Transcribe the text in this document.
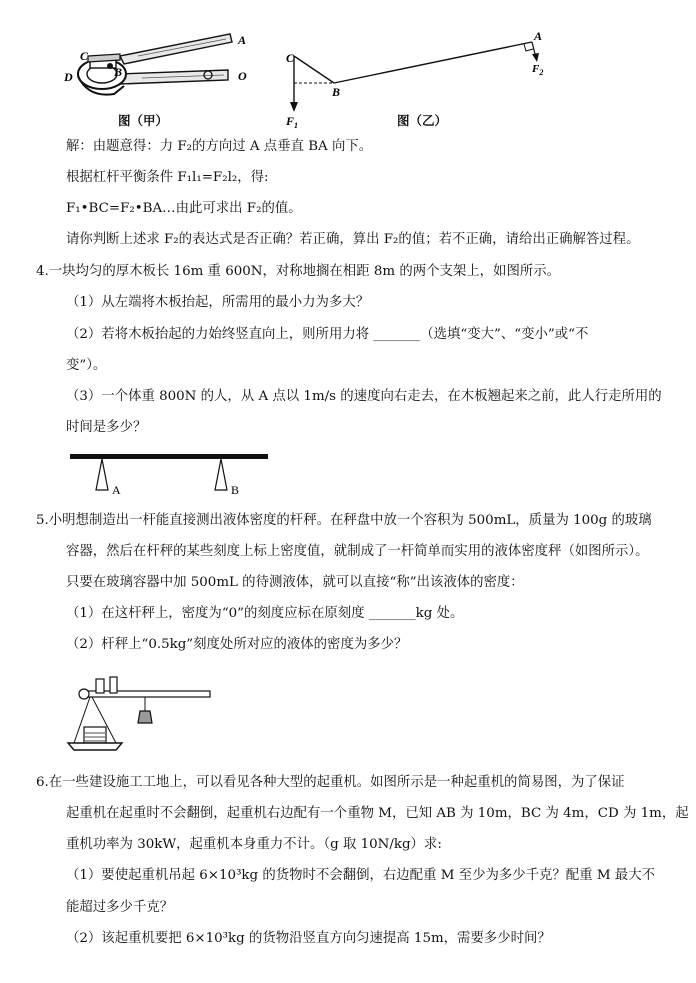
C
D	B
A
O
图（甲）
C
B
A
$F_1$
$F_2$
图（乙）
解：由题意得：力 F₂的方向过 A 点垂直 BA 向下。
根据杠杆平衡条件 F₁l₁=F₂l₂，得:
F₁•BC=F₂•BA…由此可求出 F₂的值。
请你判断上述求 F₂的表达式是否正确？若正确，算出 F₂的值；若不正确，请给出正确解答过程。
4.一块均匀的厚木板长 16m 重 600N，对称地搁在相距 8m 的两个支架上，如图所示。
（1）从左端将木板抬起，所需用的最小力为多大？
（2）若将木板抬起的力始终竖直向上，则所用力将 _______（选填“变大”、“变小”或“不
变”）。
（3）一个体重 800N 的人，从 A 点以 1m/s 的速度向右走去，在木板翘起来之前，此人行走所用的
时间是多少？
A	B
5.小明想制造出一杆能直接测出液体密度的杆秤。在秤盘中放一个容积为 500mL，质量为 100g 的玻璃
容器，然后在杆秤的某些刻度上标上密度值，就制成了一杆简单而实用的液体密度秤（如图所示）。
只要在玻璃容器中加 500mL 的待测液体，就可以直接“称”出该液体的密度：
（1）在这杆秤上，密度为“0”的刻度应标在原刻度 _______kg 处。
（2）杆秤上“0.5kg”刻度处所对应的液体的密度为多少？
6.在一些建设施工工地上，可以看见各种大型的起重机。如图所示是一种起重机的简易图，为了保证
起重机在起重时不会翻倒，起重机右边配有一个重物 M，已知 AB 为 10m，BC 为 4m，CD 为 1m，起
重机功率为 30kW，起重机本身重力不计。（g 取 10N/kg）求:
（1）要使起重机吊起 6×10³kg 的货物时不会翻倒，右边配重 M 至少为多少千克？配重 M 最大不
能超过多少千克？
（2）该起重机要把 6×10³kg 的货物沿竖直方向匀速提高 15m，需要多少时间？
